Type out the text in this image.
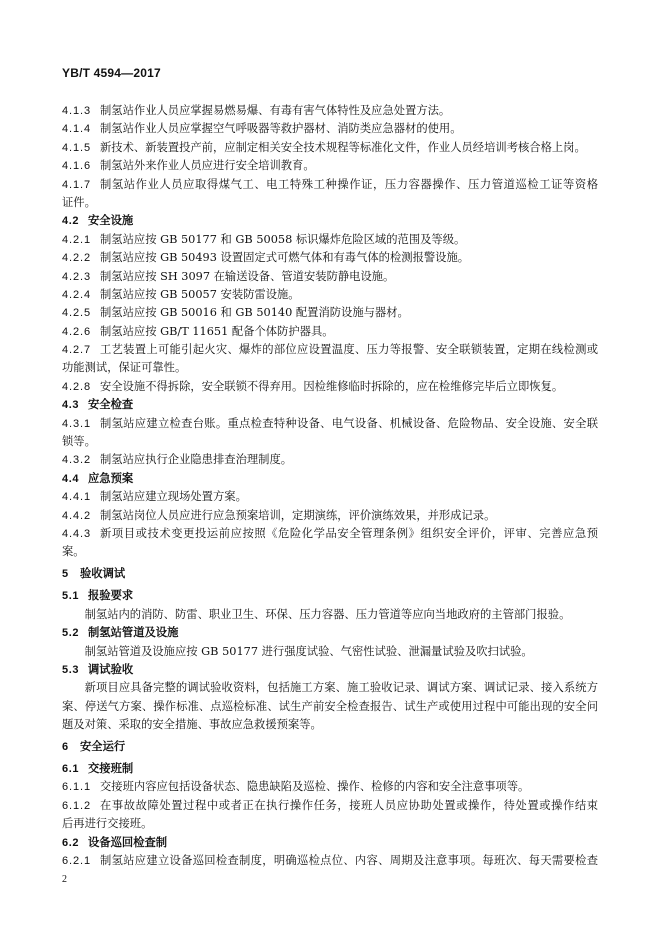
YB/T 4594—2017
4.1.3 制氢站作业人员应掌握易燃易爆、有毒有害气体特性及应急处置方法。
4.1.4 制氢站作业人员应掌握空气呼吸器等救护器材、消防类应急器材的使用。
4.1.5 新技术、新装置投产前，应制定相关安全技术规程等标准化文件，作业人员经培训考核合格上岗。
4.1.6 制氢站外来作业人员应进行安全培训教育。
4.1.7 制氢站作业人员应取得煤气工、电工特殊工种操作证，压力容器操作、压力管道巡检工证等资格
证件。
4.2 安全设施
4.2.1 制氢站应按 GB 50177 和 GB 50058 标识爆炸危险区域的范围及等级。
4.2.2 制氢站应按 GB 50493 设置固定式可燃气体和有毒气体的检测报警设施。
4.2.3 制氢站应按 SH 3097 在输送设备、管道安装防静电设施。
4.2.4 制氢站应按 GB 50057 安装防雷设施。
4.2.5 制氢站应按 GB 50016 和 GB 50140 配置消防设施与器材。
4.2.6 制氢站应按 GB/T 11651 配备个体防护器具。
4.2.7 工艺装置上可能引起火灾、爆炸的部位应设置温度、压力等报警、安全联锁装置，定期在线检测或
功能测试，保证可靠性。
4.2.8 安全设施不得拆除，安全联锁不得弃用。因检维修临时拆除的，应在检维修完毕后立即恢复。
4.3 安全检查
4.3.1 制氢站应建立检查台账。重点检查特种设备、电气设备、机械设备、危险物品、安全设施、安全联
锁等。
4.3.2 制氢站应执行企业隐患排查治理制度。
4.4 应急预案
4.4.1 制氢站应建立现场处置方案。
4.4.2 制氢站岗位人员应进行应急预案培训，定期演练，评价演练效果，并形成记录。
4.4.3 新项目或技术变更投运前应按照《危险化学品安全管理条例》组织安全评价，评审、完善应急预
案。
5 验收调试
5.1 报验要求
制氢站内的消防、防雷、职业卫生、环保、压力容器、压力管道等应向当地政府的主管部门报验。
5.2 制氢站管道及设施
制氢站管道及设施应按 GB 50177 进行强度试验、气密性试验、泄漏量试验及吹扫试验。
5.3 调试验收
新项目应具备完整的调试验收资料，包括施工方案、施工验收记录、调试方案、调试记录、接入系统方
案、停送气方案、操作标准、点巡检标准、试生产前安全检查报告、试生产或使用过程中可能出现的安全问
题及对策、采取的安全措施、事故应急救援预案等。
6 安全运行
6.1 交接班制
6.1.1 交接班内容应包括设备状态、隐患缺陷及巡检、操作、检修的内容和安全注意事项等。
6.1.2 在事故故障处置过程中或者正在执行操作任务，接班人员应协助处置或操作，待处置或操作结束
后再进行交接班。
6.2 设备巡回检查制
6.2.1 制氢站应建立设备巡回检查制度，明确巡检点位、内容、周期及注意事项。每班次、每天需要检查
2
